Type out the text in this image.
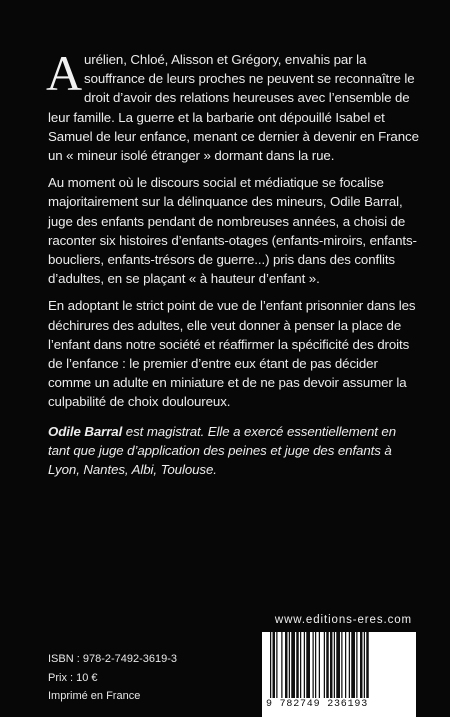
Aurélien, Chloé, Alisson et Grégory, envahis par la souffrance de leurs proches ne peuvent se reconnaître le droit d’avoir des relations heureuses avec l’ensemble de leur famille. La guerre et la barbarie ont dépouillé Isabel et Samuel de leur enfance, menant ce dernier à devenir en France un « mineur isolé étranger » dormant dans la rue.

Au moment où le discours social et médiatique se focalise majoritairement sur la délinquance des mineurs, Odile Barral, juge des enfants pendant de nombreuses années, a choisi de raconter six histoires d’enfants-otages (enfants-miroirs, enfants-boucliers, enfants-trésors de guerre...) pris dans des conflits d’adultes, en se plaçant « à hauteur d’enfant ».

En adoptant le strict point de vue de l’enfant prisonnier dans les déchirures des adultes, elle veut donner à penser la place de l’enfant dans notre société et réaffirmer la spécificité des droits de l’enfance : le premier d’entre eux étant de pas décider comme un adulte en miniature et de ne pas devoir assumer la culpabilité de choix douloureux.

Odile Barral est magistrat. Elle a exercé essentiellement en tant que juge d’application des peines et juge des enfants à Lyon, Nantes, Albi, Toulouse.

www.editions-eres.com
ISBN : 978-2-7492-3619-3
Prix : 10 €
Imprimé en France
9 782749 236193
